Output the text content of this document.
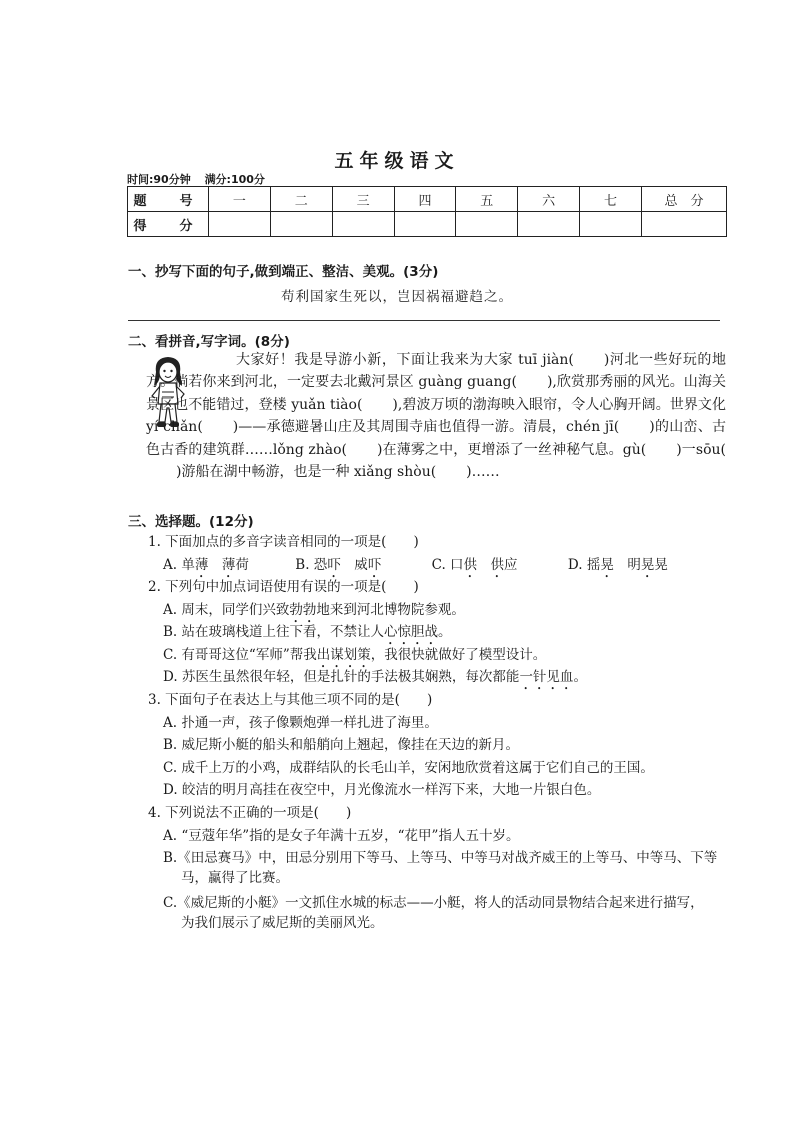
五年级语文
时间:90分钟 满分:100分
题　号	一	二	三	四	五	六	七	总　分
得　分								
一、抄写下面的句子,做到端正、整洁、美观。(3分)
苟利国家生死以，岂因祸福避趋之。
二、看拼音,写字词。(8分)
大家好！我是导游小新，下面让我来为大家 tuī jiàn( )河北一些好玩的地方。倘若你来到河北，一定要去北戴河景区 guàng guang( ),欣赏那秀丽的风光。山海关景区也不能错过，登楼 yuǎn tiào( ),碧波万顷的渤海映入眼帘，令人心胸开阔。世界文化 yí chǎn( )——承德避暑山庄及其周围寺庙也值得一游。清晨，chén jī( )的山峦、古色古香的建筑群……lǒng zhào( )在薄雾之中，更增添了一丝神秘气息。gù( )一sōu()游船在湖中畅游，也是一种 xiǎng shòu( )……
三、选择题。(12分)
1. 下面加点的多音字读音相同的一项是(　　)
A. 单薄　 薄荷	B. 恐吓　威吓	C. 口供　 供应	D. 摇晃　明晃晃
2. 下列句中加点词语使用有误的一项是(　　)
A. 周末，同学们兴致勃勃地来到河北博物院参观。
B. 站在玻璃栈道上往下看，不禁让人心惊胆战。
C. 有哥哥这位“军师”帮我出谋划策，我很快就做好了模型设计。
D. 苏医生虽然很年轻，但是扎针的手法极其娴熟，每次都能一针见血。
3. 下面句子在表达上与其他三项不同的是(　　)
A. 扑通一声，孩子像颗炮弹一样扎进了海里。
B. 威尼斯小艇的船头和船艄向上翘起，像挂在天边的新月。
C. 成千上万的小鸡，成群结队的长毛山羊，安闲地欣赏着这属于它们自己的王国。
D. 皎洁的明月高挂在夜空中，月光像流水一样泻下来，大地一片银白色。
4. 下列说法不正确的一项是(　　)
A. “豆蔻年华”指的是女子年满十五岁，“花甲”指人五十岁。
B.《田忌赛马》中，田忌分别用下等马、上等马、中等马对战齐威王的上等马、中等马、下等
马，赢得了比赛。
C.《威尼斯的小艇》一文抓住水城的标志——小艇，将人的活动同景物结合起来进行描写，
为我们展示了威尼斯的美丽风光。
